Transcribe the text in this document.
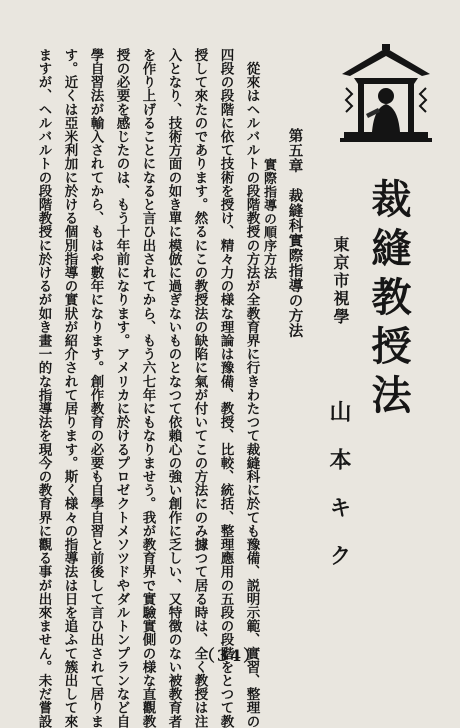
裁縫教授法
東京市視學
山本キク
第五章　裁縫科實際指導の方法
實際指導の順序方法
　從來はヘルバルトの段階教授の方法が全教育界に行きわたつて裁縫科に於ても豫備、説明示範、實習、整理の
四段の段階に依て技術を授け、精々力の様な理論は豫備、教授、比較、統括、整理應用の五段の段階をとつて教
授して來たのであります。然るにこの教授法の缺陷に氣が付いてこの方法にのみ據つて居る時は、全く教授は注
入となり、技術方面の如き單に模倣に過ぎないものとなつて依賴心の強い創作に乏しい、又特徴のない被教育者
を作り上げることになると言ひ出されてから、もう六七年にもなりませう。我が教育界で實驗實側の様な直觀教
授の必要を感じたのは、もう十年前になります。アメリカに於けるプロゼクトメソツドやダルトンプランなど自
學自習法が輸入されてから、もはや數年になります。創作教育の必要も自學自習と前後して言ひ出されて居りま
す。近くは亞米利加に於ける個別指導の實狀が紹介されて居ります。斯く様々の指導法は日を追ふて簇出して來
ますが、ヘルバルトの段階教授に於けるが如き畫一的な指導法を現今の教育界に觀る事が出來ません。未だ嘗設	（34）
